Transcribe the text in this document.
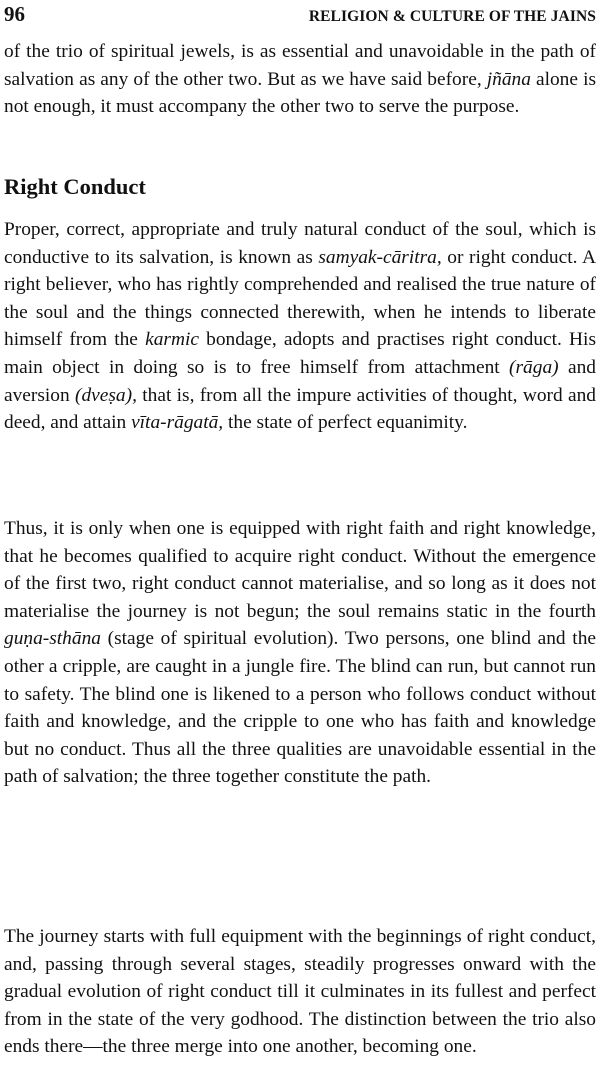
96	RELIGION & CULTURE OF THE JAINS

of the trio of spiritual jewels, is as essential and unavoidable in the path of salvation as any of the other two. But as we have said before, jñāna alone is not enough, it must accompany the other two to serve the purpose.

Right Conduct

Proper, correct, appropriate and truly natural conduct of the soul, which is conductive to its salvation, is known as samyak-cāritra, or right conduct. A right believer, who has rightly comprehended and realised the true nature of the soul and the things connected therewith, when he intends to liberate himself from the karmic bondage, adopts and practises right conduct. His main object in doing so is to free himself from attachment (rāga) and aversion (dveṣa), that is, from all the impure activities of thought, word and deed, and attain vīta-rāgatā, the state of perfect equanimity.

Thus, it is only when one is equipped with right faith and right knowledge, that he becomes qualified to acquire right conduct. Without the emergence of the first two, right conduct cannot materialise, and so long as it does not materialise the journey is not begun; the soul remains static in the fourth guṇa-sthāna (stage of spiritual evolution). Two persons, one blind and the other a cripple, are caught in a jungle fire. The blind can run, but cannot run to safety. The blind one is likened to a person who follows conduct without faith and knowledge, and the cripple to one who has faith and knowledge but no conduct. Thus all the three qualities are unavoidable essential in the path of salvation; the three together constitute the path.

The journey starts with full equipment with the beginnings of right conduct, and, passing through several stages, steadily progresses onward with the gradual evolution of right conduct till it culminates in its fullest and perfect from in the state of the very godhood. The distinction between the trio also ends there—the three merge into one another, becoming one.
